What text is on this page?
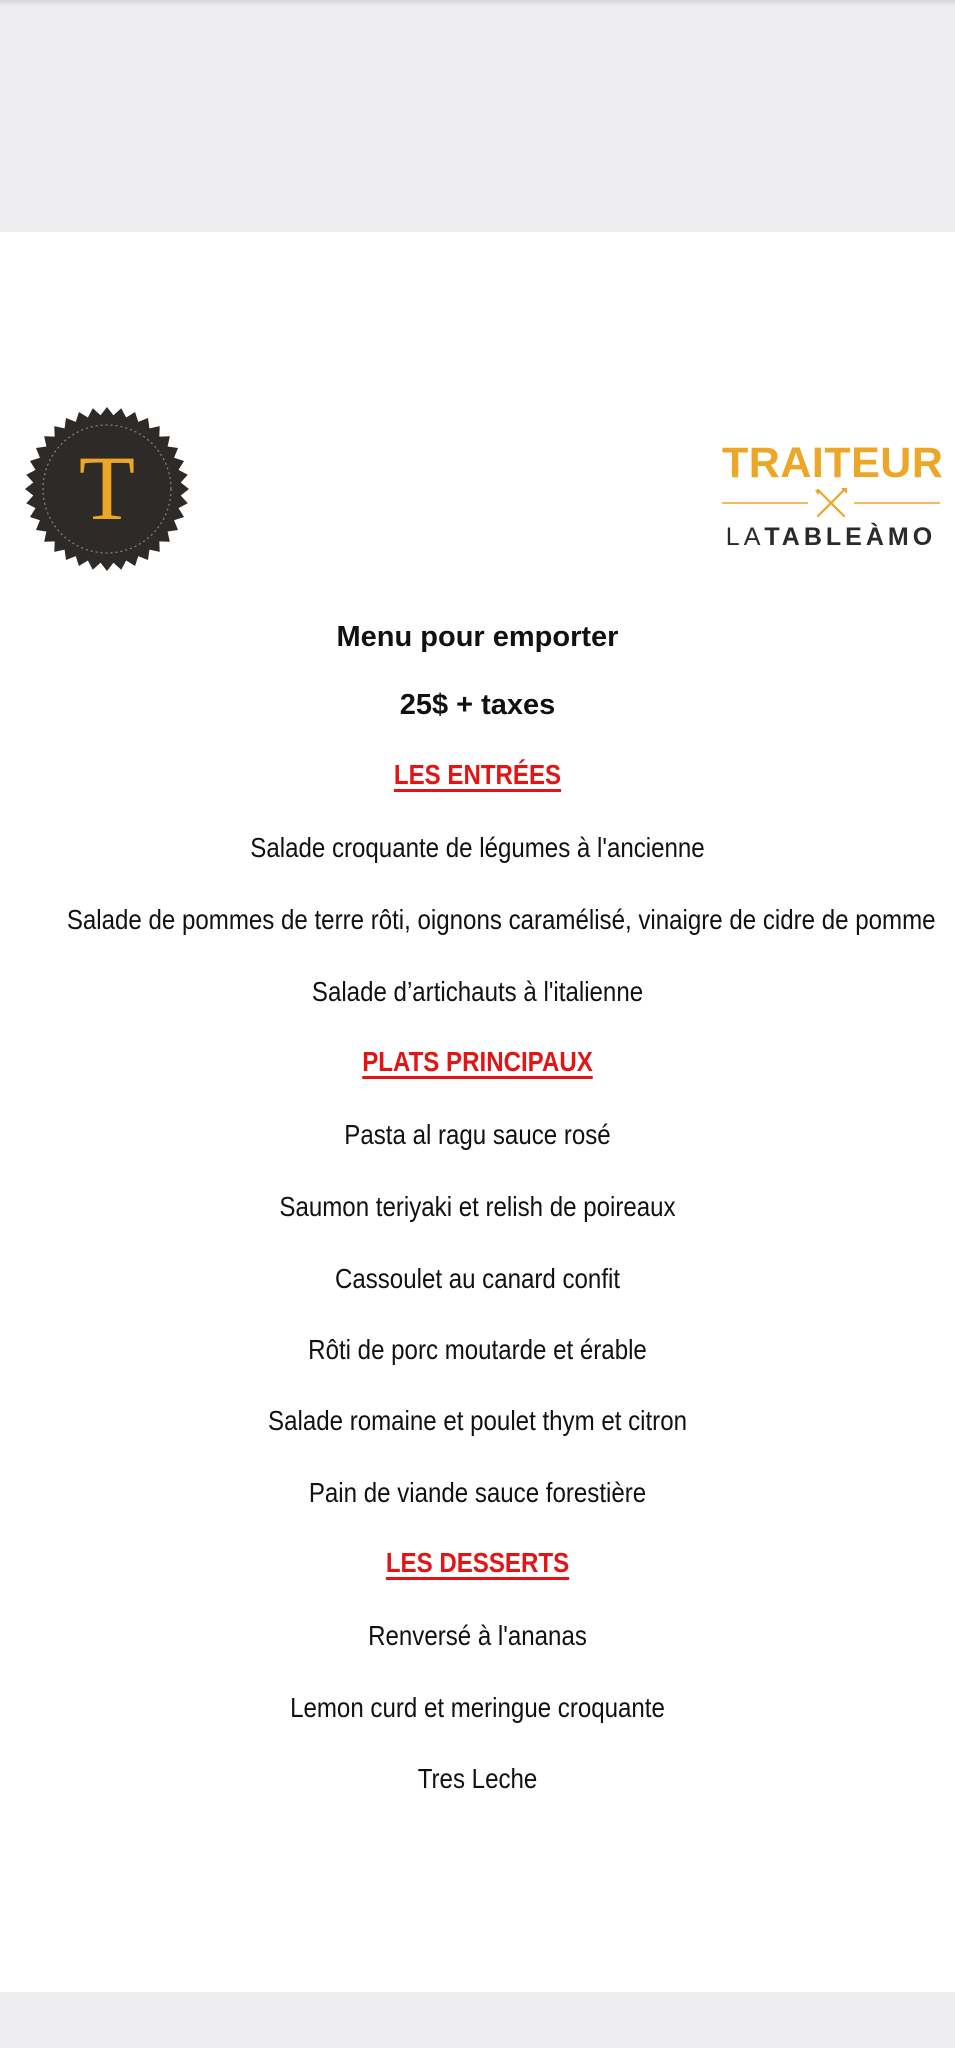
T	TRAITEUR
LATABLEÀMO
Menu pour emporter
25$ + taxes
LES ENTRÉES
Salade croquante de légumes à l'ancienne
Salade de pommes de terre rôti, oignons caramélisé, vinaigre de cidre de pomme
Salade d’artichauts à l'italienne
PLATS PRINCIPAUX
Pasta al ragu sauce rosé
Saumon teriyaki et relish de poireaux
Cassoulet au canard confit
Rôti de porc moutarde et érable
Salade romaine et poulet thym et citron
Pain de viande sauce forestière
LES DESSERTS
Renversé à l'ananas
Lemon curd et meringue croquante
Tres Leche
